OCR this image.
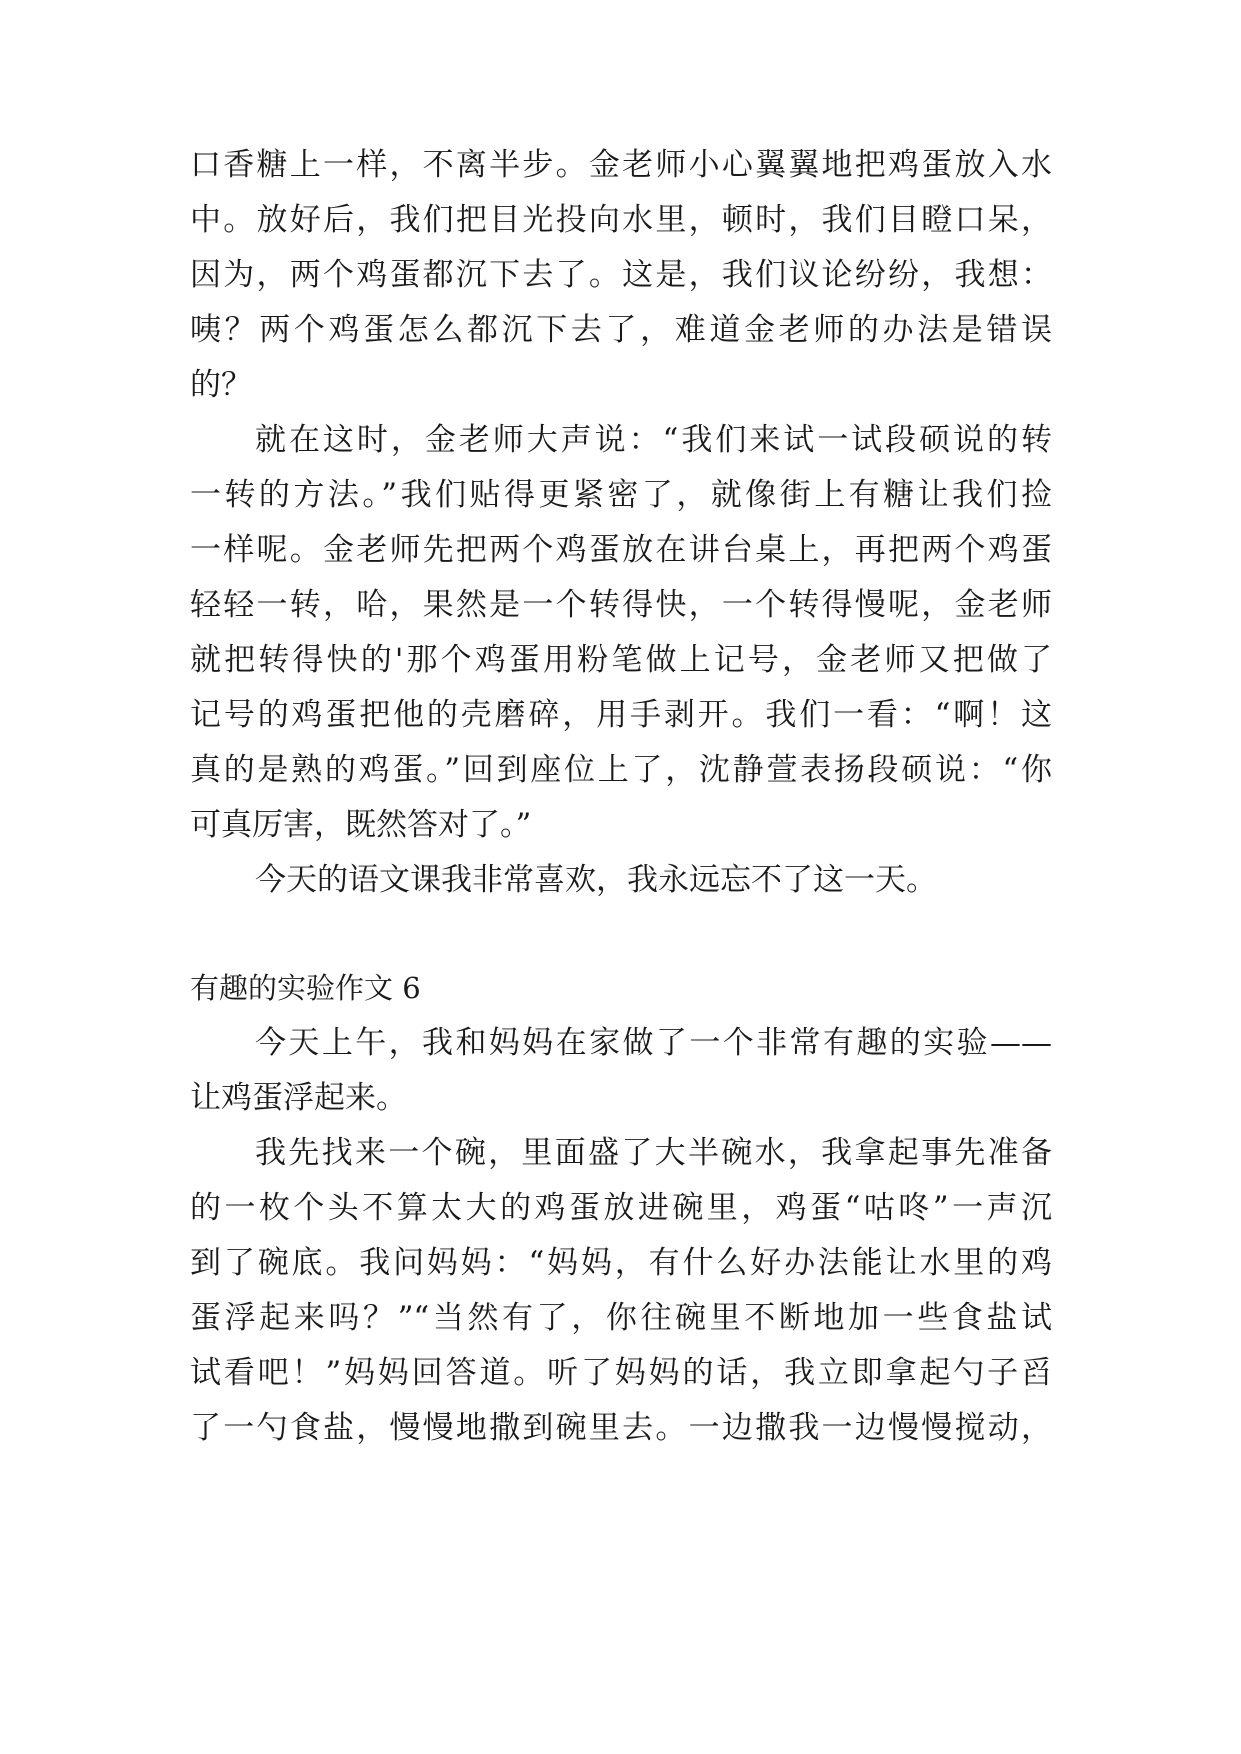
口香糖上一样，不离半步。金老师小心翼翼地把鸡蛋放入水
中。放好后，我们把目光投向水里，顿时，我们目瞪口呆，
因为，两个鸡蛋都沉下去了。这是，我们议论纷纷，我想：
咦？两个鸡蛋怎么都沉下去了，难道金老师的办法是错误
的？
就在这时，金老师大声说：“我们来试一试段硕说的转
一转的方法。”我们贴得更紧密了，就像街上有糖让我们捡
一样呢。金老师先把两个鸡蛋放在讲台桌上，再把两个鸡蛋
轻轻一转，哈，果然是一个转得快，一个转得慢呢，金老师
就把转得快的'那个鸡蛋用粉笔做上记号，金老师又把做了
记号的鸡蛋把他的壳磨碎，用手剥开。我们一看：“啊！这
真的是熟的鸡蛋。”回到座位上了，沈静萱表扬段硕说：“你
可真厉害，既然答对了。”
今天的语文课我非常喜欢，我永远忘不了这一天。
有趣的实验作文 6
今天上午，我和妈妈在家做了一个非常有趣的实验——
让鸡蛋浮起来。
我先找来一个碗，里面盛了大半碗水，我拿起事先准备
的一枚个头不算太大的鸡蛋放进碗里，鸡蛋“咕咚”一声沉
到了碗底。我问妈妈：“妈妈，有什么好办法能让水里的鸡
蛋浮起来吗？”“当然有了，你往碗里不断地加一些食盐试
试看吧！”妈妈回答道。听了妈妈的话，我立即拿起勺子舀
了一勺食盐，慢慢地撒到碗里去。一边撒我一边慢慢搅动，
